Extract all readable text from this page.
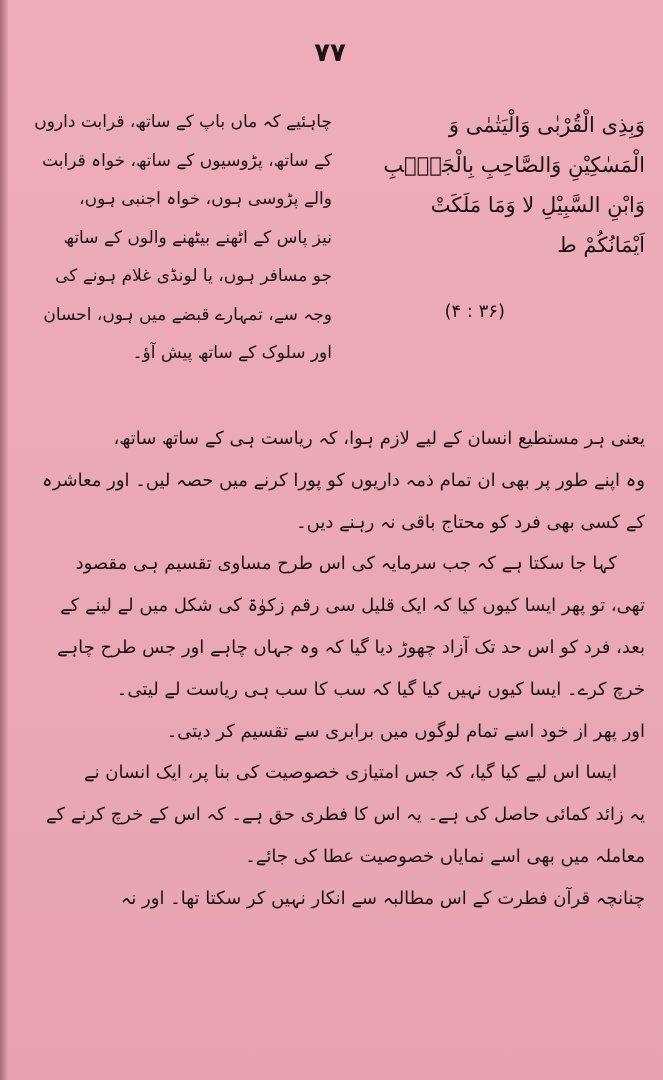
۷۷
وَبِذِی الْقُرْبٰی وَالْیَتٰمٰی وَ
الْمَسٰکِیْنِ وَالصَّاحِبِ بِالْجَنْۢبِ
وَابْنِ السَّبِیْلِ لا وَمَا مَلَکَتْ
اَیْمَانُکُمْ ط
(۴ : ۳۶)
چاہئیے کہ ماں باپ کے ساتھ، قرابت داروں
کے ساتھ، پڑوسیوں کے ساتھ، خواہ قرابت
والے پڑوسی ہوں، خواہ اجنبی ہوں،
نیز پاس کے اٹھنے بیٹھنے والوں کے ساتھ
جو مسافر ہوں، یا لونڈی غلام ہونے کی
وجہ سے، تمہارے قبضے میں ہوں، احسان
اور سلوک کے ساتھ پیش آؤ۔
یعنی ہر مستطیع انسان کے لیے لازم ہوا، کہ ریاست ہی کے ساتھ ساتھ،
وہ اپنے طور پر بھی ان تمام ذمہ داریوں کو پورا کرنے میں حصہ لیں۔ اور معاشرہ
کے کسی بھی فرد کو محتاج باقی نہ رہنے دیں۔
کہا جا سکتا ہے کہ جب سرمایہ کی اس طرح مساوی تقسیم ہی مقصود
تھی، تو پھر ایسا کیوں کیا کہ ایک قلیل سی رقم زکوٰۃ کی شکل میں لے لینے کے
بعد، فرد کو اس حد تک آزاد چھوڑ دیا گیا کہ وہ جہاں چاہے اور جس طرح چاہے
خرچ کرے۔ ایسا کیوں نہیں کیا گیا کہ سب کا سب ہی ریاست لے لیتی۔
اور پھر از خود اسے تمام لوگوں میں برابری سے تقسیم کر دیتی۔
ایسا اس لیے کیا گیا، کہ جس امتیازی خصوصیت کی بنا پر، ایک انسان نے
یہ زائد کمائی حاصل کی ہے۔ یہ اس کا فطری حق ہے۔ کہ اس کے خرچ کرنے کے
معاملہ میں بھی اسے نمایاں خصوصیت عطا کی جائے۔
چنانچہ قرآن فطرت کے اس مطالبہ سے انکار نہیں کر سکتا تھا۔ اور نہ
